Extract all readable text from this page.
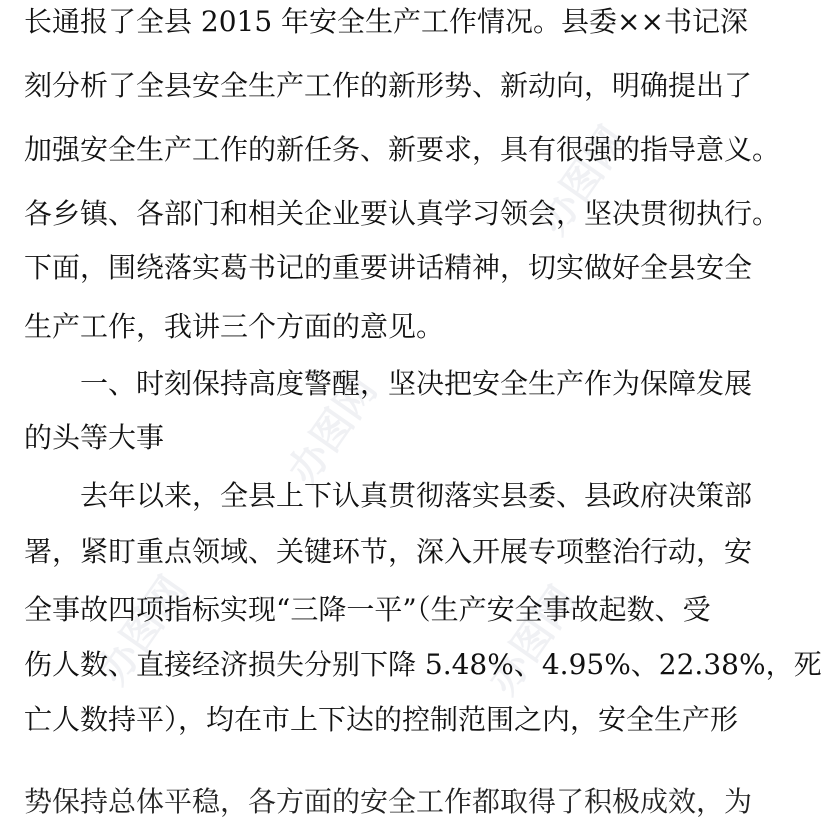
办图网
办图网
办图网
办图网
长通报了全县 2015 年安全生产工作情况。县委××书记深
刻分析了全县安全生产工作的新形势、新动向，明确提出了
加强安全生产工作的新任务、新要求，具有很强的指导意义。
各乡镇、各部门和相关企业要认真学习领会，坚决贯彻执行。
下面，围绕落实葛书记的重要讲话精神，切实做好全县安全
生产工作，我讲三个方面的意见。
　　一、时刻保持高度警醒，坚决把安全生产作为保障发展
的头等大事
　　去年以来，全县上下认真贯彻落实县委、县政府决策部
署，紧盯重点领域、关键环节，深入开展专项整治行动，安
全事故四项指标实现“三降一平”（生产安全事故起数、受
伤人数、直接经济损失分别下降 5.48%、4.95%、22.38%，死
亡人数持平），均在市上下达的控制范围之内，安全生产形
势保持总体平稳，各方面的安全工作都取得了积极成效，为
